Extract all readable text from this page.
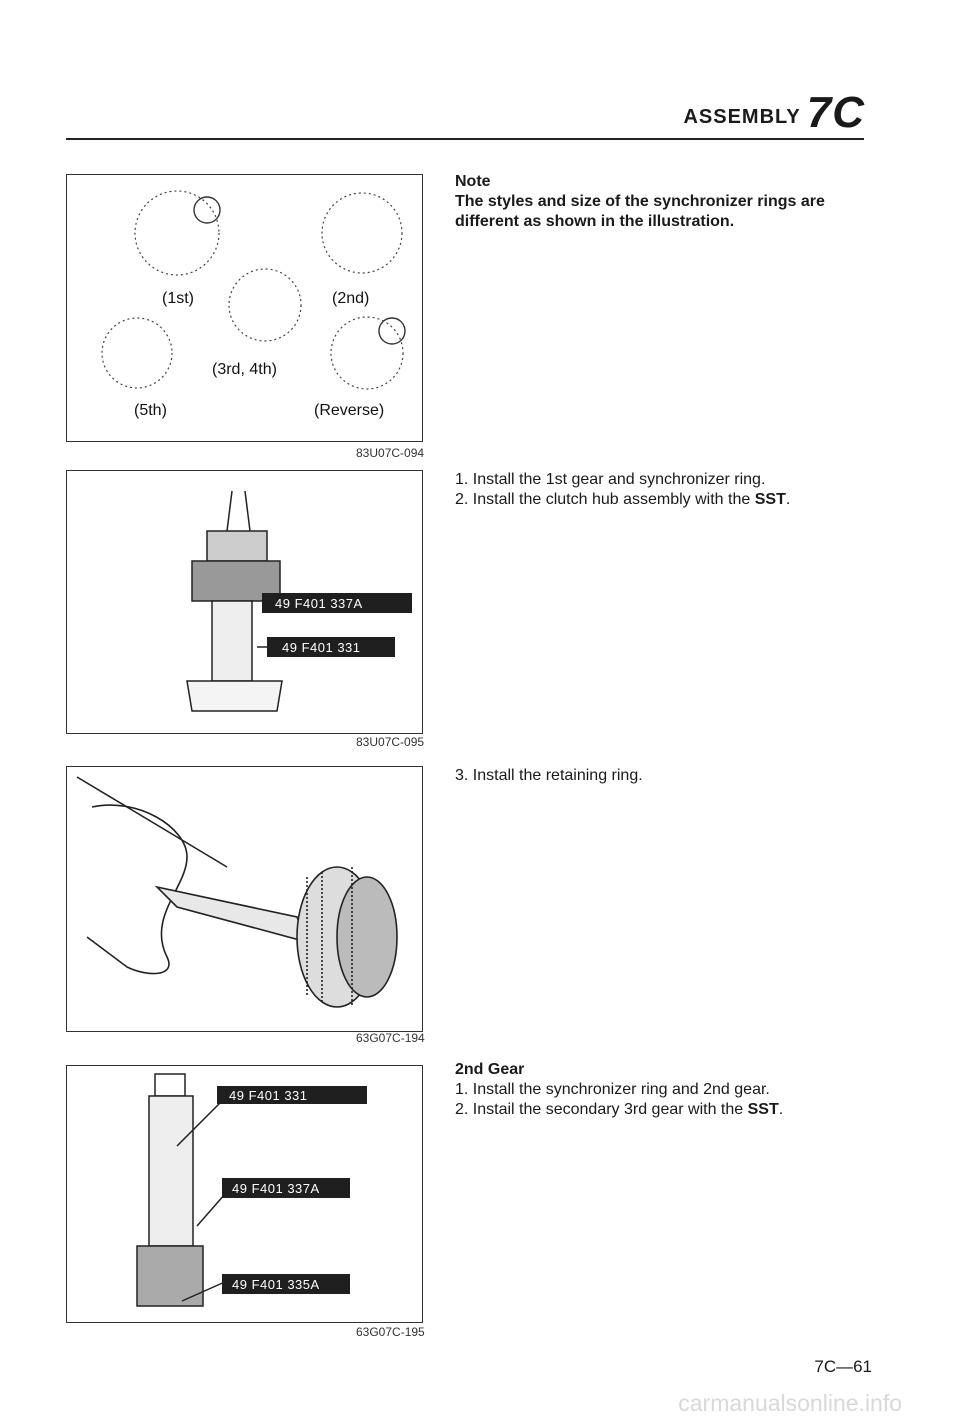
ASSEMBLY 7C
(1st)	(2nd)
(3rd, 4th)
(5th)	(Reverse)
83U07C-094
49 F401 337A
49 F401 331
83U07C-095
63G07C-194
49 F401 331
49 F401 337A
49 F401 335A
63G07C-195
Note
The styles and size of the synchronizer rings are different as shown in the illustration.

1. Install the 1st gear and synchronizer ring.

2. Install the clutch hub assembly with the SST.

3. Install the retaining ring.

2nd Gear

1. Install the synchronizer ring and 2nd gear.

2. Instail the secondary 3rd gear with the SST.

7C—61
carmanualsonline.info
